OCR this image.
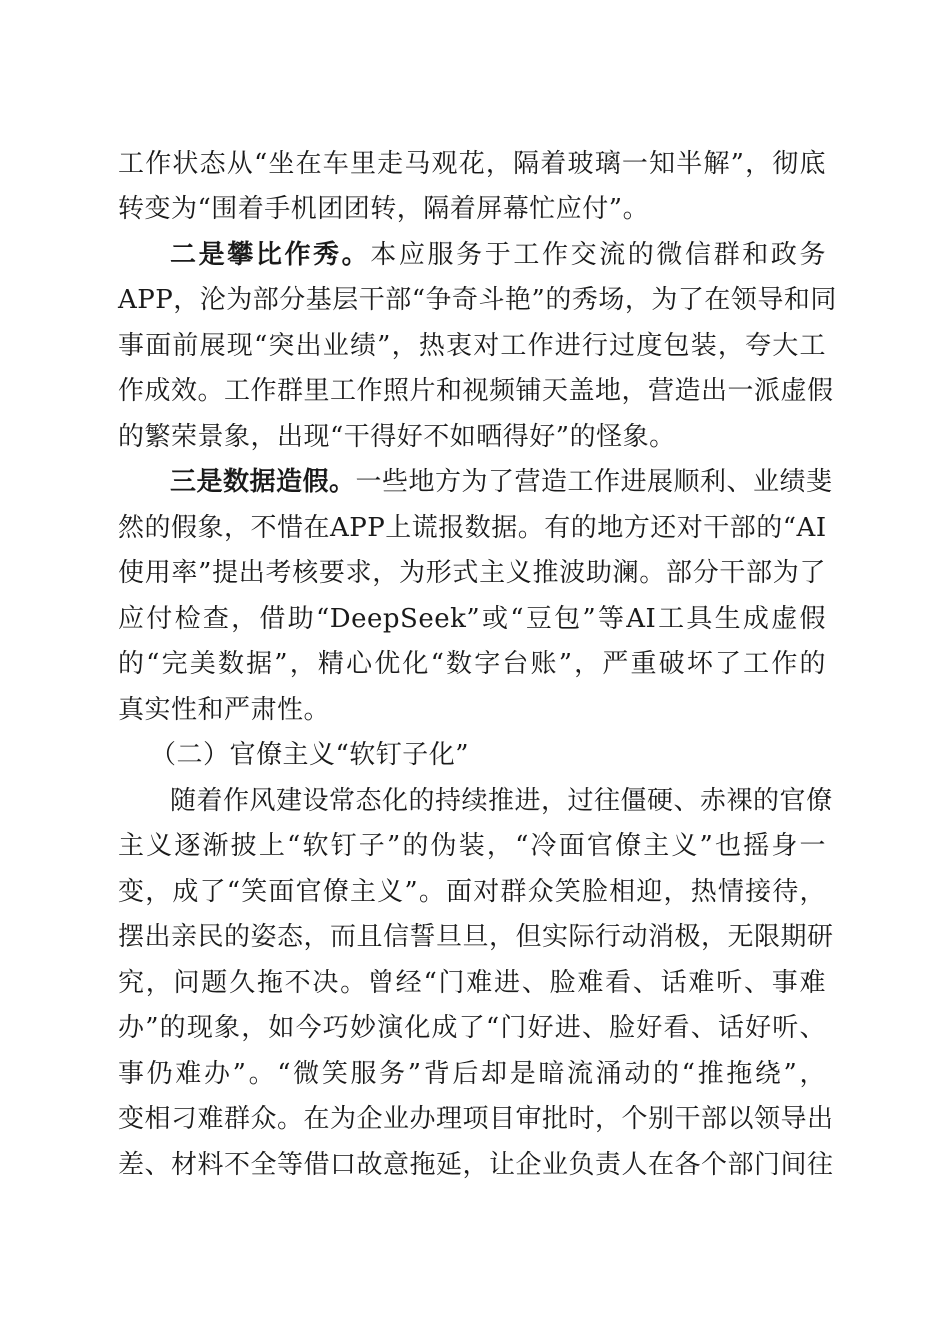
工作状态从“坐在车里走马观花，隔着玻璃一知半解”，彻底
转变为“围着手机团团转，隔着屏幕忙应付”。
二是攀比作秀。本应服务于工作交流的微信群和政务
APP，沦为部分基层干部“争奇斗艳”的秀场，为了在领导和同
事面前展现“突出业绩”，热衷对工作进行过度包装，夸大工
作成效。工作群里工作照片和视频铺天盖地，营造出一派虚假
的繁荣景象，出现“干得好不如晒得好”的怪象。
三是数据造假。一些地方为了营造工作进展顺利、业绩斐
然的假象，不惜在APP上谎报数据。有的地方还对干部的“AI
使用率”提出考核要求，为形式主义推波助澜。部分干部为了
应付检查，借助“DeepSeek”或“豆包”等AI工具生成虚假
的“完美数据”，精心优化“数字台账”，严重破坏了工作的
真实性和严肃性。
（二）官僚主义“软钉子化”
随着作风建设常态化的持续推进，过往僵硬、赤裸的官僚
主义逐渐披上“软钉子”的伪装，“冷面官僚主义”也摇身一
变，成了“笑面官僚主义”。面对群众笑脸相迎，热情接待，
摆出亲民的姿态，而且信誓旦旦，但实际行动消极，无限期研
究，问题久拖不决。曾经“门难进、脸难看、话难听、事难
办”的现象，如今巧妙演化成了“门好进、脸好看、话好听、
事仍难办”。“微笑服务”背后却是暗流涌动的“推拖绕”，
变相刁难群众。在为企业办理项目审批时，个别干部以领导出
差、材料不全等借口故意拖延，让企业负责人在各个部门间往
